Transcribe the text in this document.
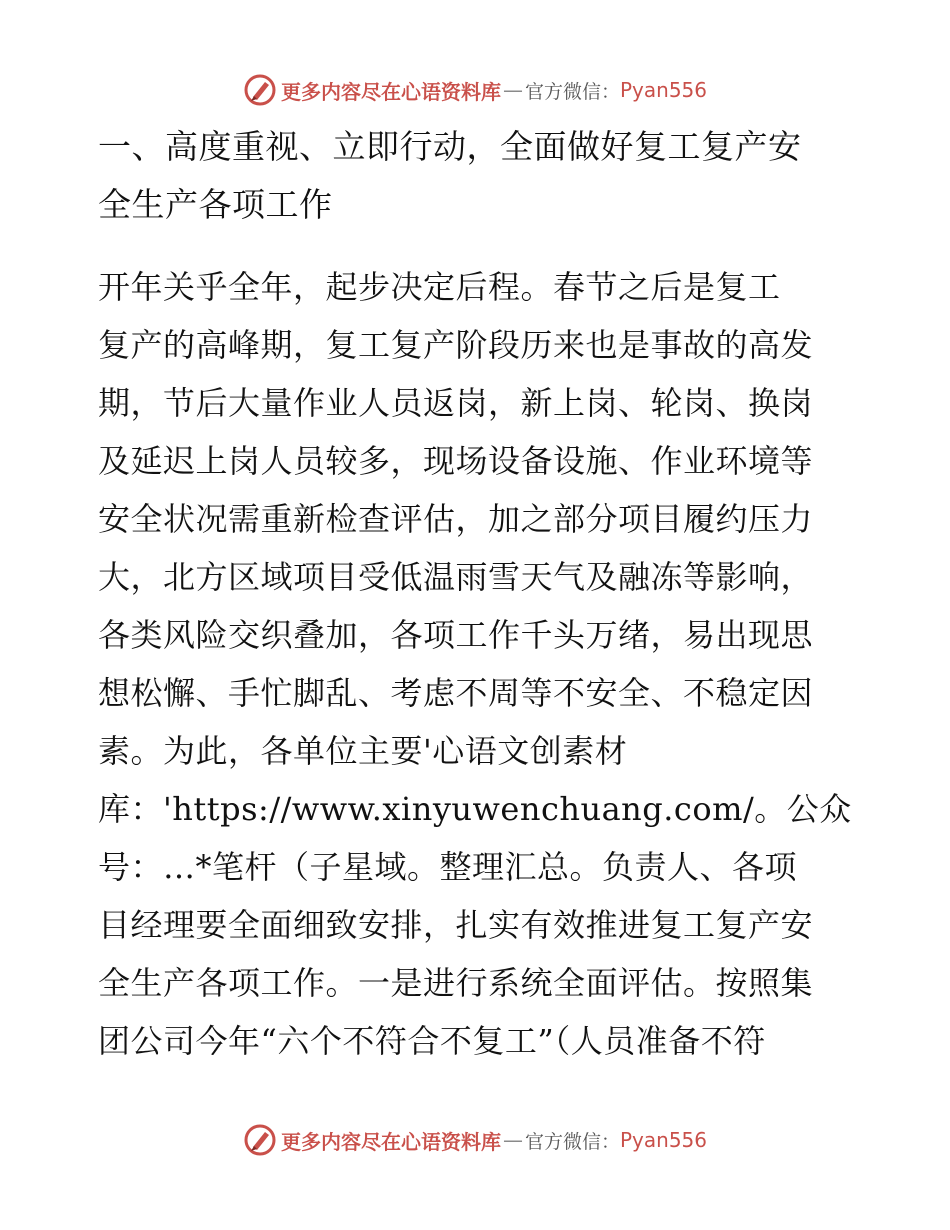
更多内容尽在心语资料库 — 官方微信： Pyan556
一、高度重视、立即行动，全面做好复工复产安
全生产各项工作
开年关乎全年，起步决定后程。春节之后是复工
复产的高峰期，复工复产阶段历来也是事故的高发
期，节后大量作业人员返岗，新上岗、轮岗、换岗
及延迟上岗人员较多，现场设备设施、作业环境等
安全状况需重新检查评估，加之部分项目履约压力
大，北方区域项目受低温雨雪天气及融冻等影响，
各类风险交织叠加，各项工作千头万绪，易出现思
想松懈、手忙脚乱、考虑不周等不安全、不稳定因
素。为此，各单位主要'心语文创素材
库：'https://www.xinyuwenchuang.com/。公众
号：…*笔杆（子星域。整理汇总。负责人、各项
目经理要全面细致安排，扎实有效推进复工复产安
全生产各项工作。一是进行系统全面评估。按照集
团公司今年“六个不符合不复工”（人员准备不符
更多内容尽在心语资料库 — 官方微信： Pyan556
